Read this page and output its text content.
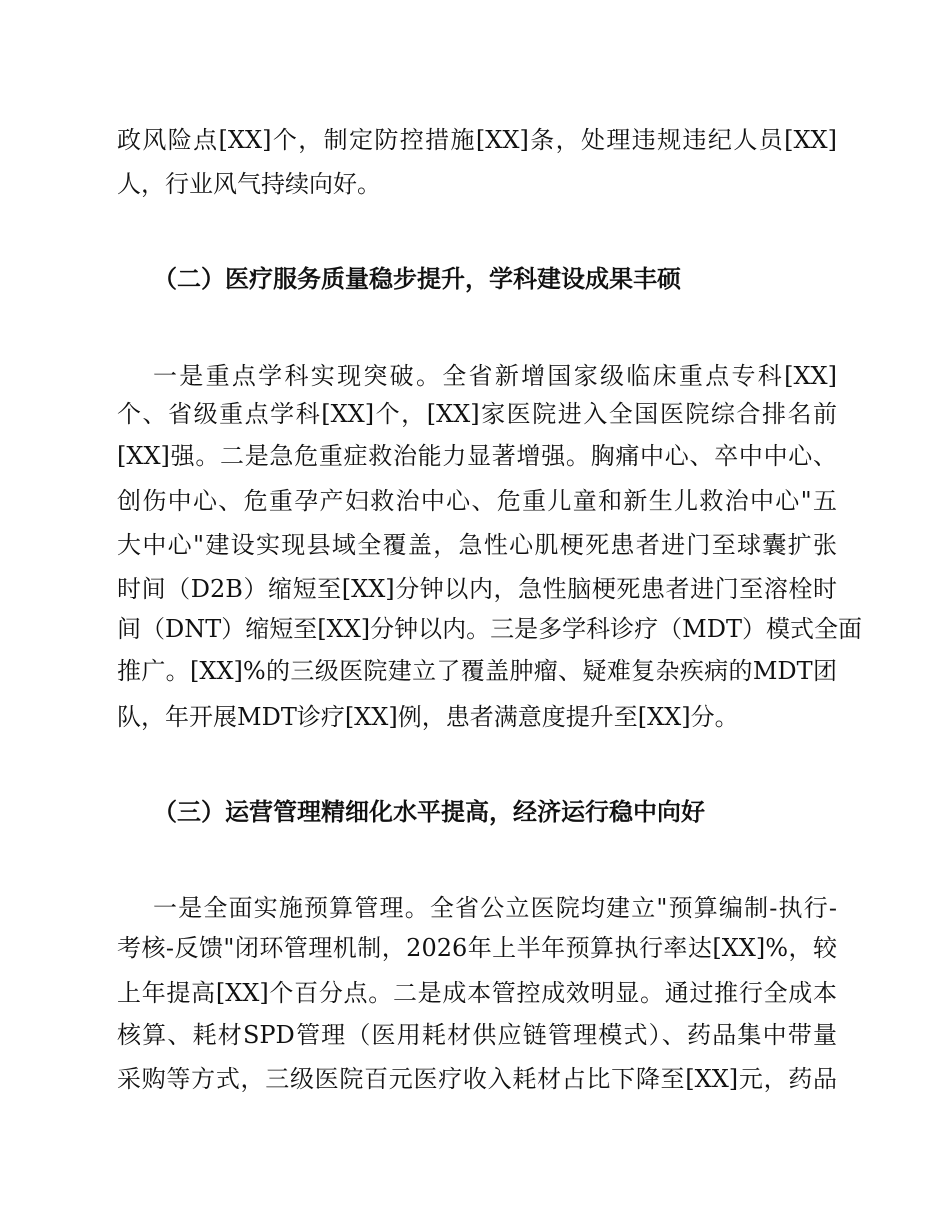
政风险点[XX]个，制定防控措施[XX]条，处理违规违纪人员[XX]
人，行业风气持续向好。
（二）医疗服务质量稳步提升，学科建设成果丰硕
一是重点学科实现突破。全省新增国家级临床重点专科[XX]
个、省级重点学科[XX]个，[XX]家医院进入全国医院综合排名前
[XX]强。二是急危重症救治能力显著增强。胸痛中心、卒中中心、
创伤中心、危重孕产妇救治中心、危重儿童和新生儿救治中心"五
大中心"建设实现县域全覆盖，急性心肌梗死患者进门至球囊扩张
时间（D2B）缩短至[XX]分钟以内，急性脑梗死患者进门至溶栓时
间（DNT）缩短至[XX]分钟以内。三是多学科诊疗（MDT）模式全面
推广。[XX]%的三级医院建立了覆盖肿瘤、疑难复杂疾病的MDT团
队，年开展MDT诊疗[XX]例，患者满意度提升至[XX]分。
（三）运营管理精细化水平提高，经济运行稳中向好
一是全面实施预算管理。全省公立医院均建立"预算编制-执行-
考核-反馈"闭环管理机制，2026年上半年预算执行率达[XX]%，较
上年提高[XX]个百分点。二是成本管控成效明显。通过推行全成本
核算、耗材SPD管理（医用耗材供应链管理模式）、药品集中带量
采购等方式，三级医院百元医疗收入耗材占比下降至[XX]元，药品
